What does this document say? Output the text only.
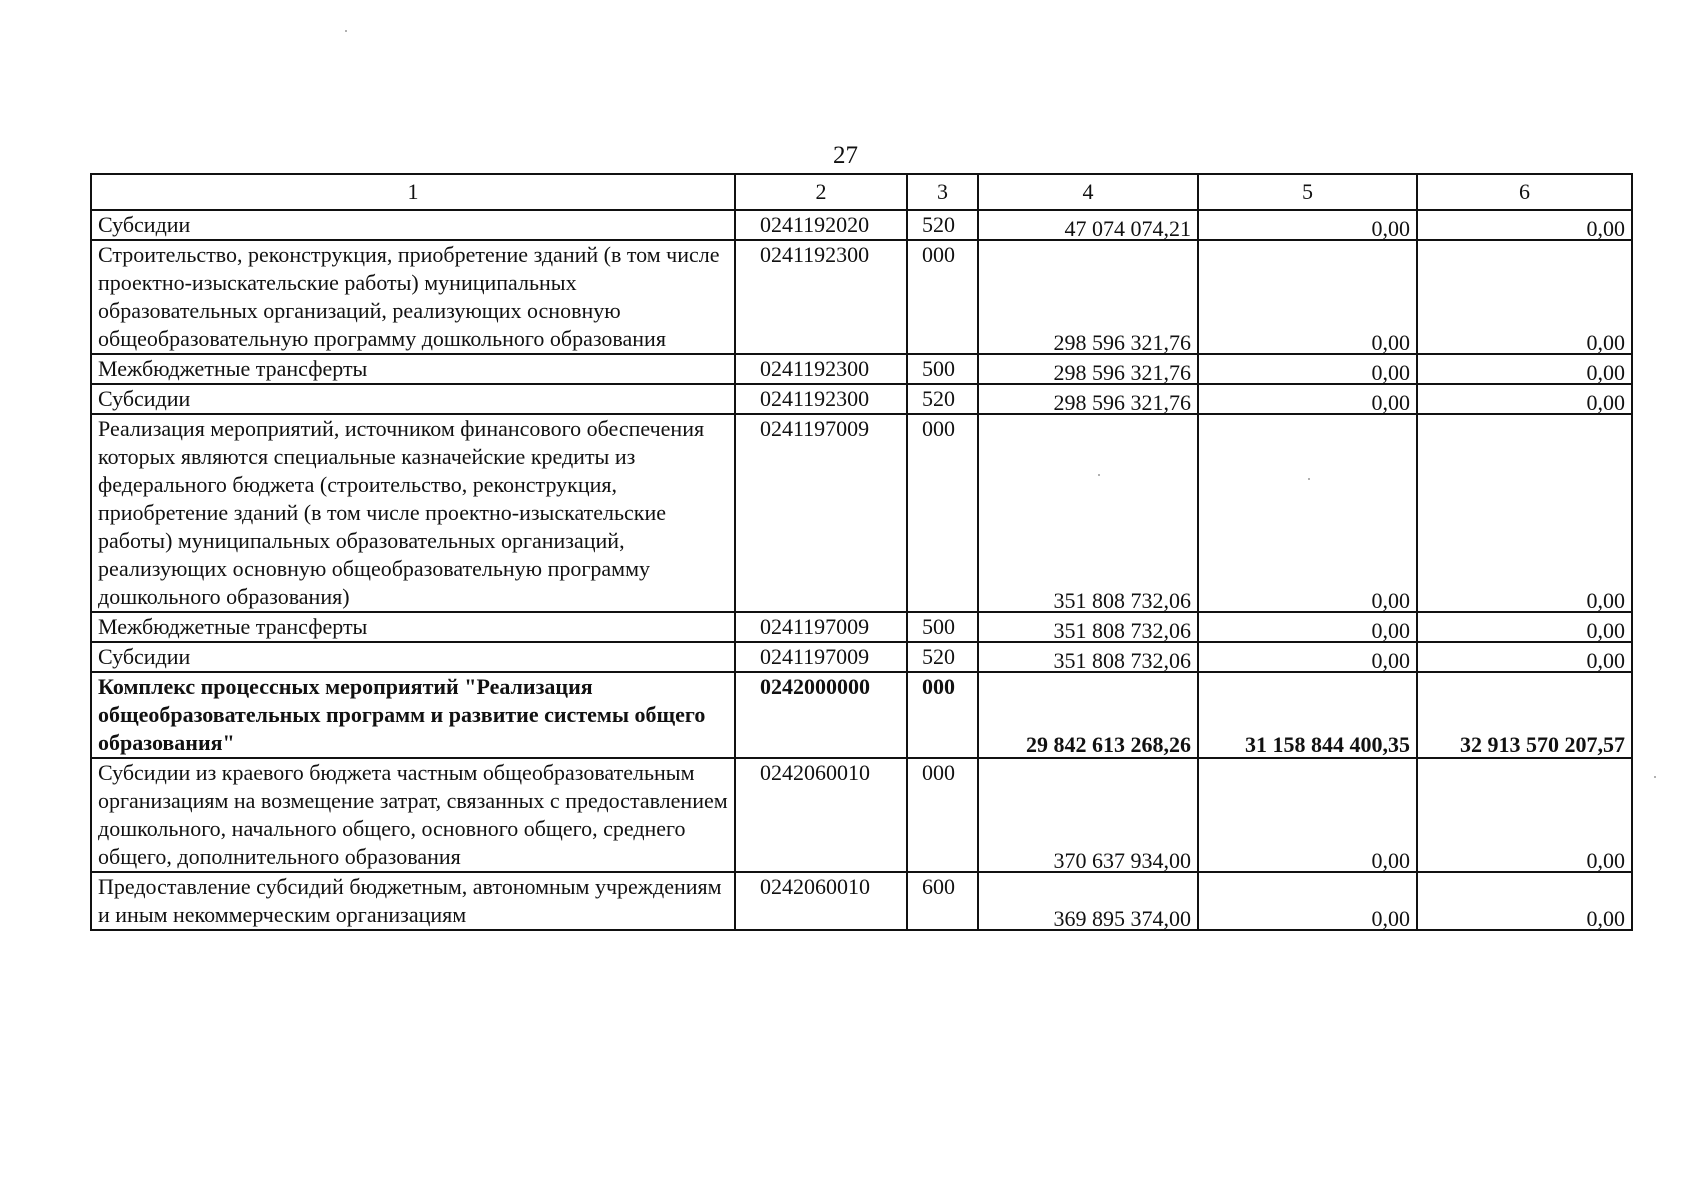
27
1	2	3	4	5	6
Субсидии	0241192020	520	47 074 074,21	0,00	0,00
Строительство, реконструкция, приобретение зданий (в том числе проектно-изыскательские работы) муниципальных образовательных организаций, реализующих основную общеобразовательную программу дошкольного образования	0241192300	000	298 596 321,76	0,00	0,00
Межбюджетные трансферты	0241192300	500	298 596 321,76	0,00	0,00
Субсидии	0241192300	520	298 596 321,76	0,00	0,00
Реализация мероприятий, источником финансового обеспечения которых являются специальные казначейские кредиты из федерального бюджета (строительство, реконструкция, приобретение зданий (в том числе проектно-изыскательские работы) муниципальных образовательных организаций, реализующих основную общеобразовательную программу дошкольного образования)	0241197009	000	351 808 732,06	0,00	0,00
Межбюджетные трансферты	0241197009	500	351 808 732,06	0,00	0,00
Субсидии	0241197009	520	351 808 732,06	0,00	0,00
Комплекс процессных мероприятий "Реализация общеобразовательных программ и развитие системы общего образования"	0242000000	000	29 842 613 268,26	31 158 844 400,35	32 913 570 207,57
Субсидии из краевого бюджета частным общеобразовательным организациям на возмещение затрат, связанных с предоставлением дошкольного, начального общего, основного общего, среднего общего, дополнительного образования	0242060010	000	370 637 934,00	0,00	0,00
Предоставление субсидий бюджетным, автономным учреждениям и иным некоммерческим организациям	0242060010	600	369 895 374,00	0,00	0,00
